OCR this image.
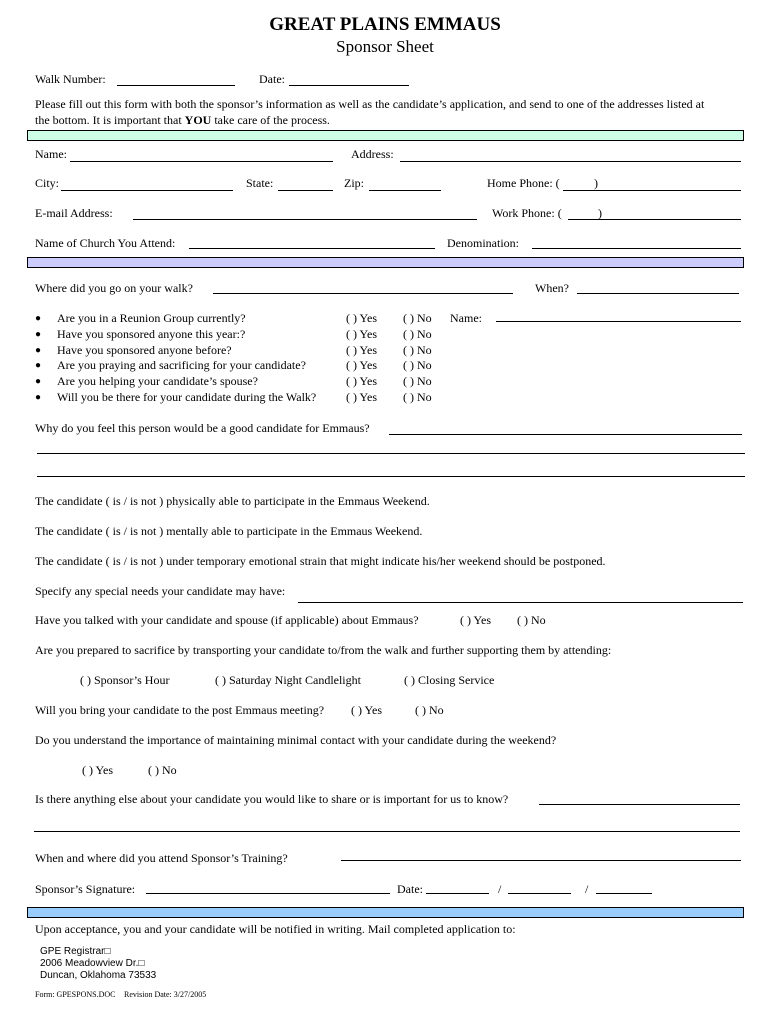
GREAT PLAINS EMMAUS
Sponsor Sheet
Walk Number:	Date:
Please fill out this form with both the sponsor’s information as well as the candidate’s application, and send to one of the addresses listed at
the bottom. It is important that YOU take care of the process.
Name:	Address:
City:	State:	Zip:	Home Phone: (	)
E-mail Address:	Work Phone: (	)
Name of Church You Attend:	Denomination:
Where did you go on your walk?	When?
● Are you in a Reunion Group currently?	( ) Yes ( ) No Name:
● Have you sponsored anyone this year:?	( ) Yes ( ) No
● Have you sponsored anyone before?	( ) Yes ( ) No
● Are you praying and sacrificing for your candidate?	( ) Yes ( ) No
● Are you helping your candidate’s spouse?	( ) Yes ( ) No
● Will you be there for your candidate during the Walk? ( ) Yes ( ) No
Why do you feel this person would be a good candidate for Emmaus?
The candidate ( is / is not ) physically able to participate in the Emmaus Weekend.
The candidate ( is / is not ) mentally able to participate in the Emmaus Weekend.
The candidate ( is / is not ) under temporary emotional strain that might indicate his/her weekend should be postponed.
Specify any special needs your candidate may have:
Have you talked with your candidate and spouse (if applicable) about Emmaus?	( ) Yes ( ) No
Are you prepared to sacrifice by transporting your candidate to/from the walk and further supporting them by attending:
( ) Sponsor’s Hour	( ) Saturday Night Candlelight	( ) Closing Service
Will you bring your candidate to the post Emmaus meeting? ( ) Yes	( ) No
Do you understand the importance of maintaining minimal contact with your candidate during the weekend?
( ) Yes	( ) No
Is there anything else about your candidate you would like to share or is important for us to know?
When and where did you attend Sponsor’s Training?
Sponsor’s Signature:	Date:	/	/
Upon acceptance, you and your candidate will be notified in writing. Mail completed application to:
GPE Registrar□
2006 Meadowview Dr.□
Duncan, Oklahoma 73533
Form: GPESPONS.DOC Revision Date: 3/27/2005
